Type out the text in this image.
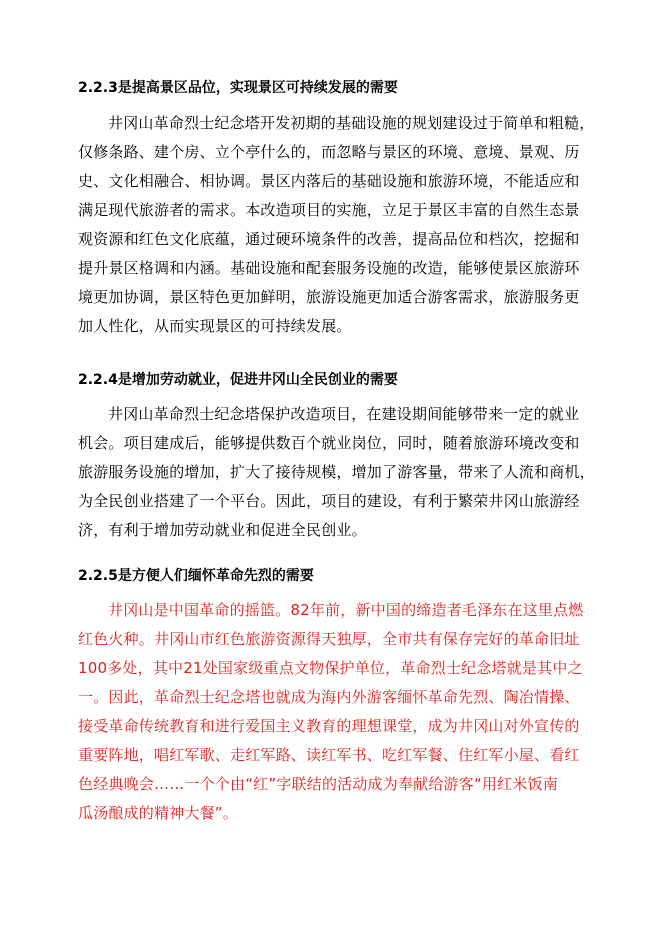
2.2.3是提高景区品位，实现景区可持续发展的需要
井冈山革命烈士纪念塔开发初期的基础设施的规划建设过于简单和粗糙，
仅修条路、建个房、立个亭什么的，而忽略与景区的环境、意境、景观、历
史、文化相融合、相协调。景区内落后的基础设施和旅游环境，不能适应和
满足现代旅游者的需求。本改造项目的实施，立足于景区丰富的自然生态景
观资源和红色文化底蕴，通过硬环境条件的改善，提高品位和档次，挖掘和
提升景区格调和内涵。基础设施和配套服务设施的改造，能够使景区旅游环
境更加协调，景区特色更加鲜明，旅游设施更加适合游客需求，旅游服务更
加人性化，从而实现景区的可持续发展。
2.2.4是增加劳动就业，促进井冈山全民创业的需要
井冈山革命烈士纪念塔保护改造项目，在建设期间能够带来一定的就业
机会。项目建成后，能够提供数百个就业岗位，同时，随着旅游环境改变和
旅游服务设施的增加，扩大了接待规模，增加了游客量，带来了人流和商机，
为全民创业搭建了一个平台。因此，项目的建设，有利于繁荣井冈山旅游经
济，有利于增加劳动就业和促进全民创业。
2.2.5是方便人们缅怀革命先烈的需要
井冈山是中国革命的摇篮。82年前，新中国的缔造者毛泽东在这里点燃
红色火种。井冈山市红色旅游资源得天独厚，全市共有保存完好的革命旧址
100多处，其中21处国家级重点文物保护单位，革命烈士纪念塔就是其中之
一。因此，革命烈士纪念塔也就成为海内外游客缅怀革命先烈、陶冶情操、
接受革命传统教育和进行爱国主义教育的理想课堂，成为井冈山对外宣传的
重要阵地，唱红军歌、走红军路、读红军书、吃红军餐、住红军小屋、看红
色经典晚会……一个个由“红”字联结的活动成为奉献给游客“用红米饭南
瓜汤酿成的精神大餐”。
